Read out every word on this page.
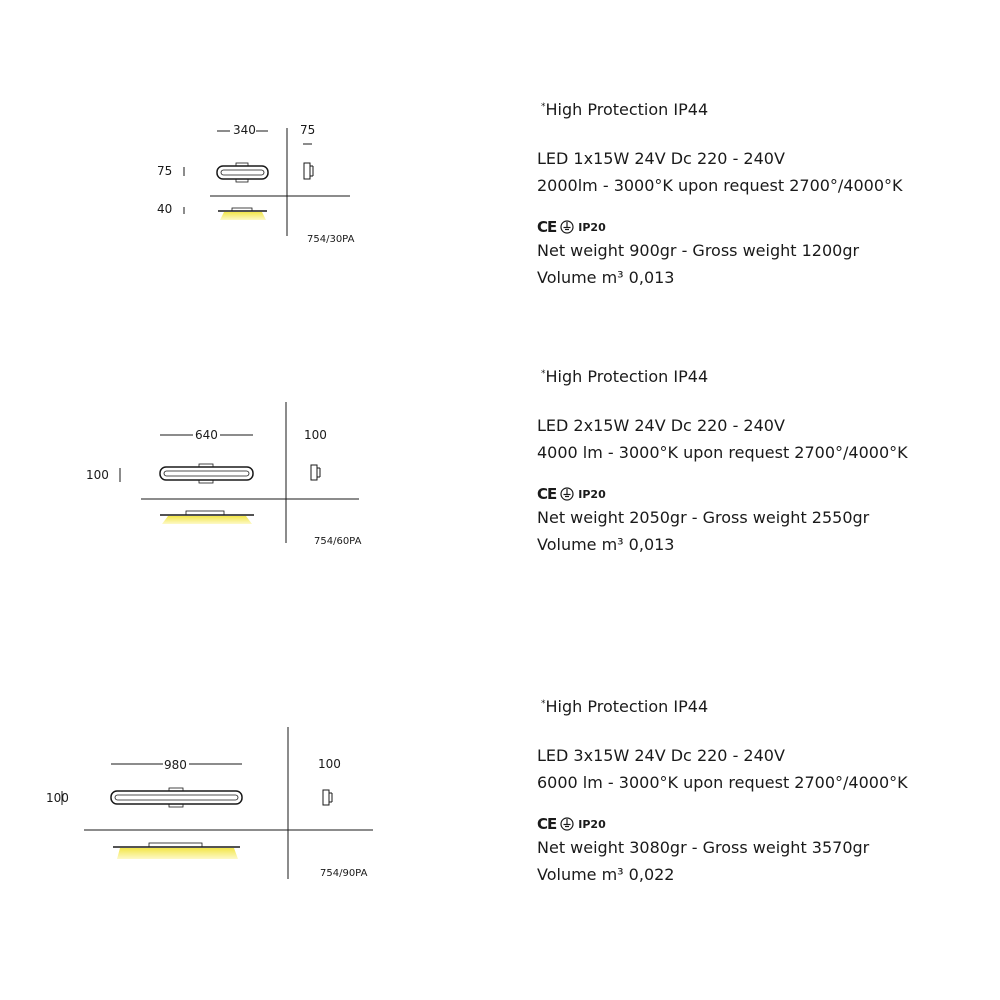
340	75
75
40
754/30PA
*High Protection IP44
LED 1x15W 24V Dc 220 - 240V
2000lm - 3000°K upon request 2700°/4000°K
CE IP20
Net weight 900gr - Gross weight 1200gr
Volume m³ 0,013
640	100
100
754/60PA
*High Protection IP44
LED 2x15W 24V Dc 220 - 240V
4000 lm - 3000°K upon request 2700°/4000°K
CE IP20
Net weight 2050gr - Gross weight 2550gr
Volume m³ 0,013
980	100
100
754/90PA
*High Protection IP44
LED 3x15W 24V Dc 220 - 240V
6000 lm - 3000°K upon request 2700°/4000°K
CE IP20
Net weight 3080gr - Gross weight 3570gr
Volume m³ 0,022
